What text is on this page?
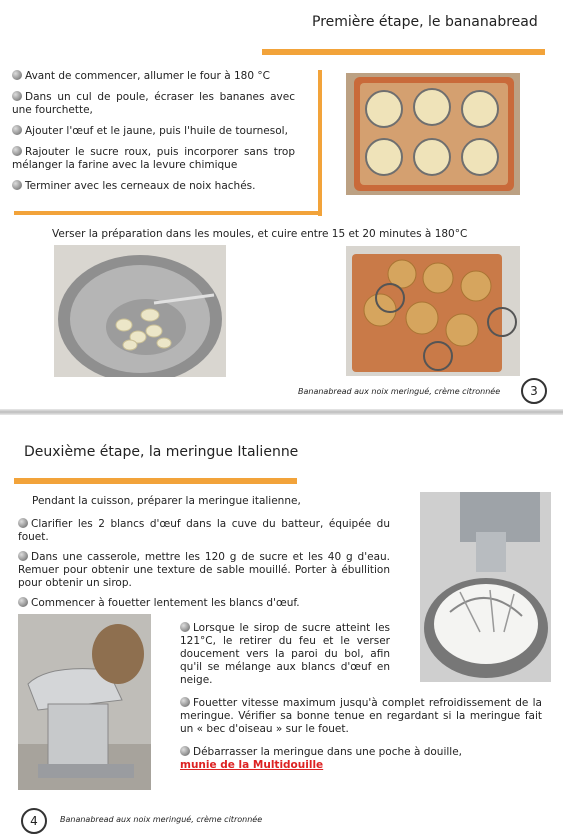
Première étape, le bananabread
Avant de commencer, allumer le four à 180 °C
Dans un cul de poule, écraser les bananes avec une fourchette,
Ajouter l'œuf et le jaune, puis l'huile de tournesol,
Rajouter le sucre roux, puis incorporer sans trop mélanger la farine avec la levure chimique
Terminer avec les cerneaux de noix hachés.
Verser la préparation dans les moules, et cuire entre 15 et 20 minutes à 180°C
Bananabread aux noix meringué, crème citronnée	3
Deuxième étape, la meringue Italienne
Pendant la cuisson, préparer la meringue italienne,
Clarifier les 2 blancs d'œuf dans la cuve du batteur, équipée du fouet.
Dans une casserole, mettre les 120 g de sucre et les 40 g d'eau. Remuer pour obtenir une texture de sable mouillé. Porter à ébullition pour obtenir un sirop.
Commencer à fouetter lentement les blancs d'œuf.
Lorsque le sirop de sucre atteint les 121°C, le retirer du feu et le verser doucement vers la paroi du bol, afin qu'il se mélange aux blancs d'œuf en neige.
Fouetter vitesse maximum jusqu'à complet refroidissement de la meringue. Vérifier sa bonne tenue en regardant si la meringue fait un « bec d'oiseau » sur le fouet.
Débarrasser la meringue dans une poche à douille,
munie de la Multidouille
4	Bananabread aux noix meringué, crème citronnée
